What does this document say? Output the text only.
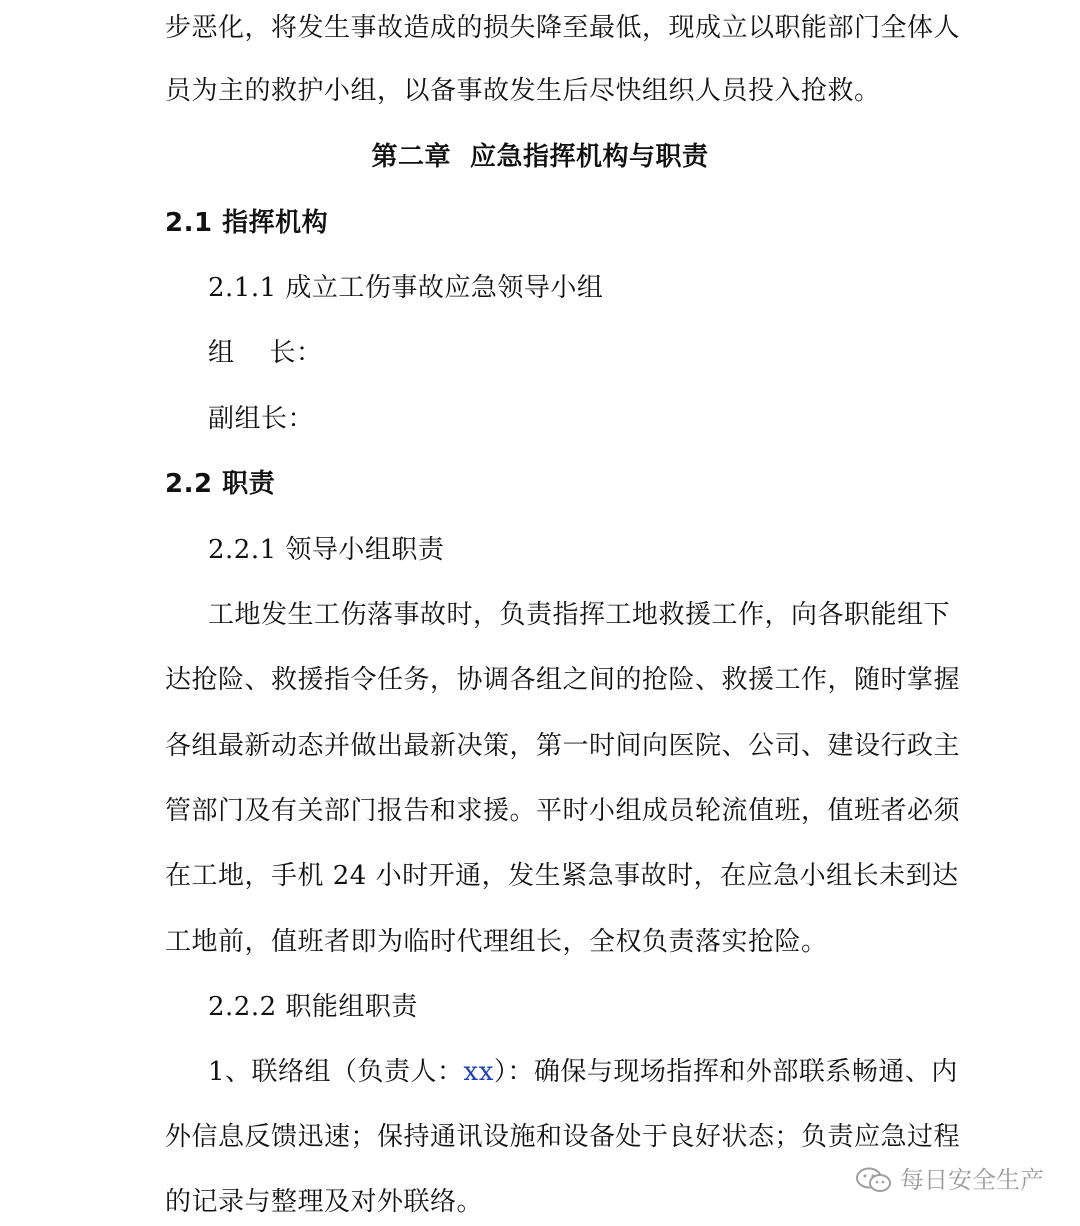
步恶化，将发生事故造成的损失降至最低，现成立以职能部门全体人
员为主的救护小组，以备事故发生后尽快组织人员投入抢救。
第二章  应急指挥机构与职责
2.1 指挥机构
2.1.1 成立工伤事故应急领导小组
组    长：
副组长：
2.2 职责
2.2.1 领导小组职责
工地发生工伤落事故时，负责指挥工地救援工作，向各职能组下
达抢险、救援指令任务，协调各组之间的抢险、救援工作，随时掌握
各组最新动态并做出最新决策，第一时间向医院、公司、建设行政主
管部门及有关部门报告和求援。平时小组成员轮流值班，值班者必须
在工地，手机 24 小时开通，发生紧急事故时，在应急小组长未到达
工地前，值班者即为临时代理组长，全权负责落实抢险。
2.2.2 职能组职责
1、联络组（负责人：xx）：确保与现场指挥和外部联系畅通、内
外信息反馈迅速；保持通讯设施和设备处于良好状态；负责应急过程
的记录与整理及对外联络。
每日安全生产
